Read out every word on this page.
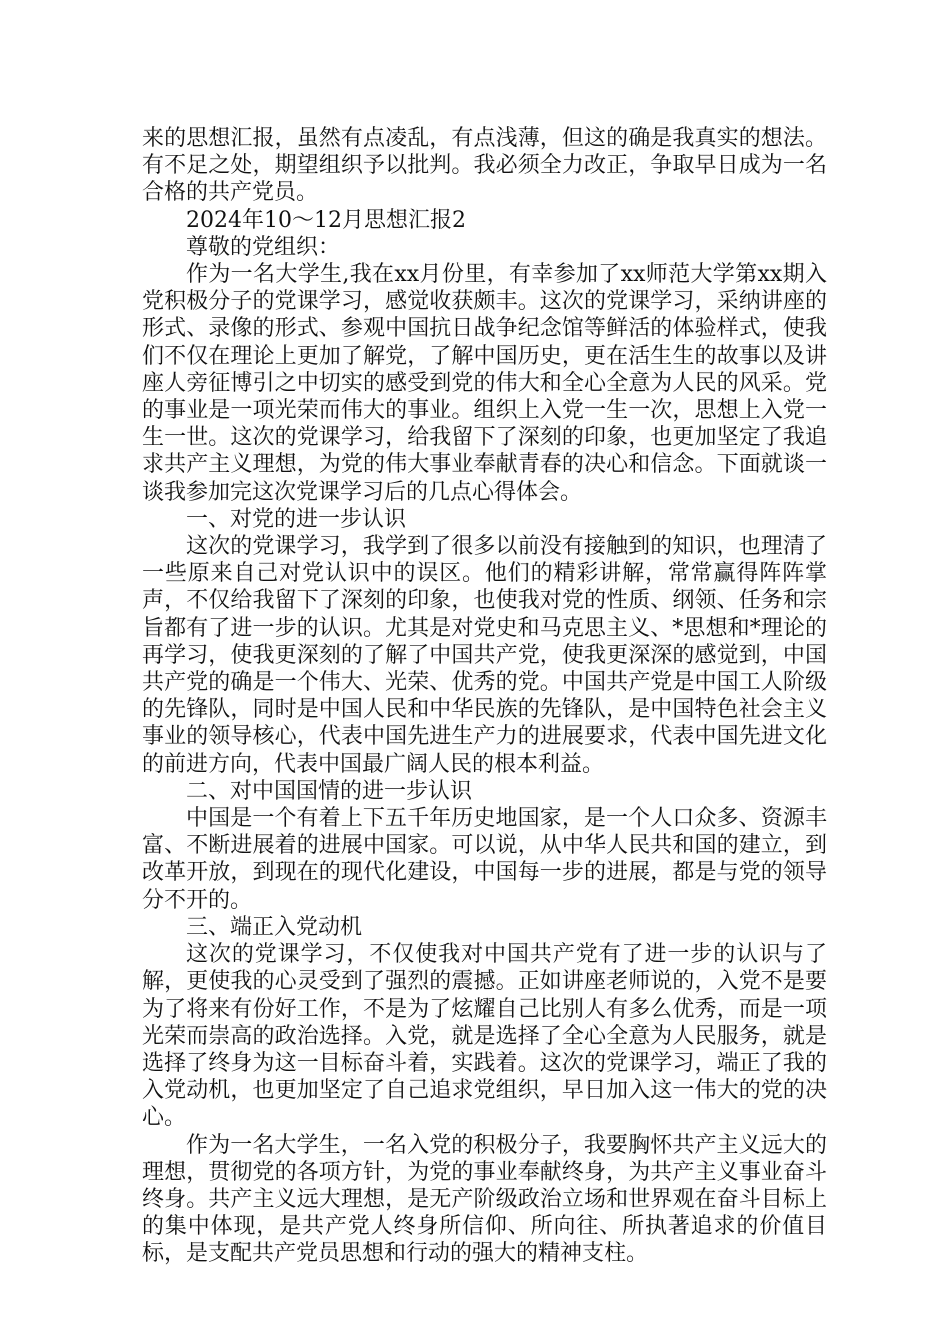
来的思想汇报，虽然有点凌乱，有点浅薄，但这的确是我真实的想法。有不足之处，期望组织予以批判。我必须全力改正，争取早日成为一名合格的共产党员。

2024年10～12月思想汇报2

尊敬的党组织：

作为一名大学生,我在xx月份里，有幸参加了xx师范大学第xx期入党积极分子的党课学习，感觉收获颇丰。这次的党课学习，采纳讲座的形式、录像的形式、参观中国抗日战争纪念馆等鲜活的体验样式，使我们不仅在理论上更加了解党，了解中国历史，更在活生生的故事以及讲座人旁征博引之中切实的感受到党的伟大和全心全意为人民的风采。党的事业是一项光荣而伟大的事业。组织上入党一生一次，思想上入党一生一世。这次的党课学习，给我留下了深刻的印象，也更加坚定了我追求共产主义理想，为党的伟大事业奉献青春的决心和信念。下面就谈一谈我参加完这次党课学习后的几点心得体会。

一、对党的进一步认识

这次的党课学习，我学到了很多以前没有接触到的知识，也理清了一些原来自己对党认识中的误区。他们的精彩讲解，常常赢得阵阵掌声，不仅给我留下了深刻的印象，也使我对党的性质、纲领、任务和宗旨都有了进一步的认识。尤其是对党史和马克思主义、*思想和*理论的再学习，使我更深刻的了解了中国共产党，使我更深深的感觉到，中国共产党的确是一个伟大、光荣、优秀的党。中国共产党是中国工人阶级的先锋队，同时是中国人民和中华民族的先锋队，是中国特色社会主义事业的领导核心，代表中国先进生产力的进展要求，代表中国先进文化的前进方向，代表中国最广阔人民的根本利益。

二、对中国国情的进一步认识

中国是一个有着上下五千年历史地国家，是一个人口众多、资源丰富、不断进展着的进展中国家。可以说，从中华人民共和国的建立，到改革开放，到现在的现代化建设，中国每一步的进展，都是与党的领导分不开的。

三、端正入党动机

这次的党课学习，不仅使我对中国共产党有了进一步的认识与了解，更使我的心灵受到了强烈的震撼。正如讲座老师说的，入党不是要为了将来有份好工作，不是为了炫耀自己比别人有多么优秀，而是一项光荣而崇高的政治选择。入党，就是选择了全心全意为人民服务，就是选择了终身为这一目标奋斗着，实践着。这次的党课学习，端正了我的入党动机，也更加坚定了自己追求党组织，早日加入这一伟大的党的决心。

作为一名大学生，一名入党的积极分子，我要胸怀共产主义远大的理想，贯彻党的各项方针，为党的事业奉献终身，为共产主义事业奋斗终身。共产主义远大理想，是无产阶级政治立场和世界观在奋斗目标上的集中体现，是共产党人终身所信仰、所向往、所执著追求的价值目标，是支配共产党员思想和行动的强大的精神支柱。
